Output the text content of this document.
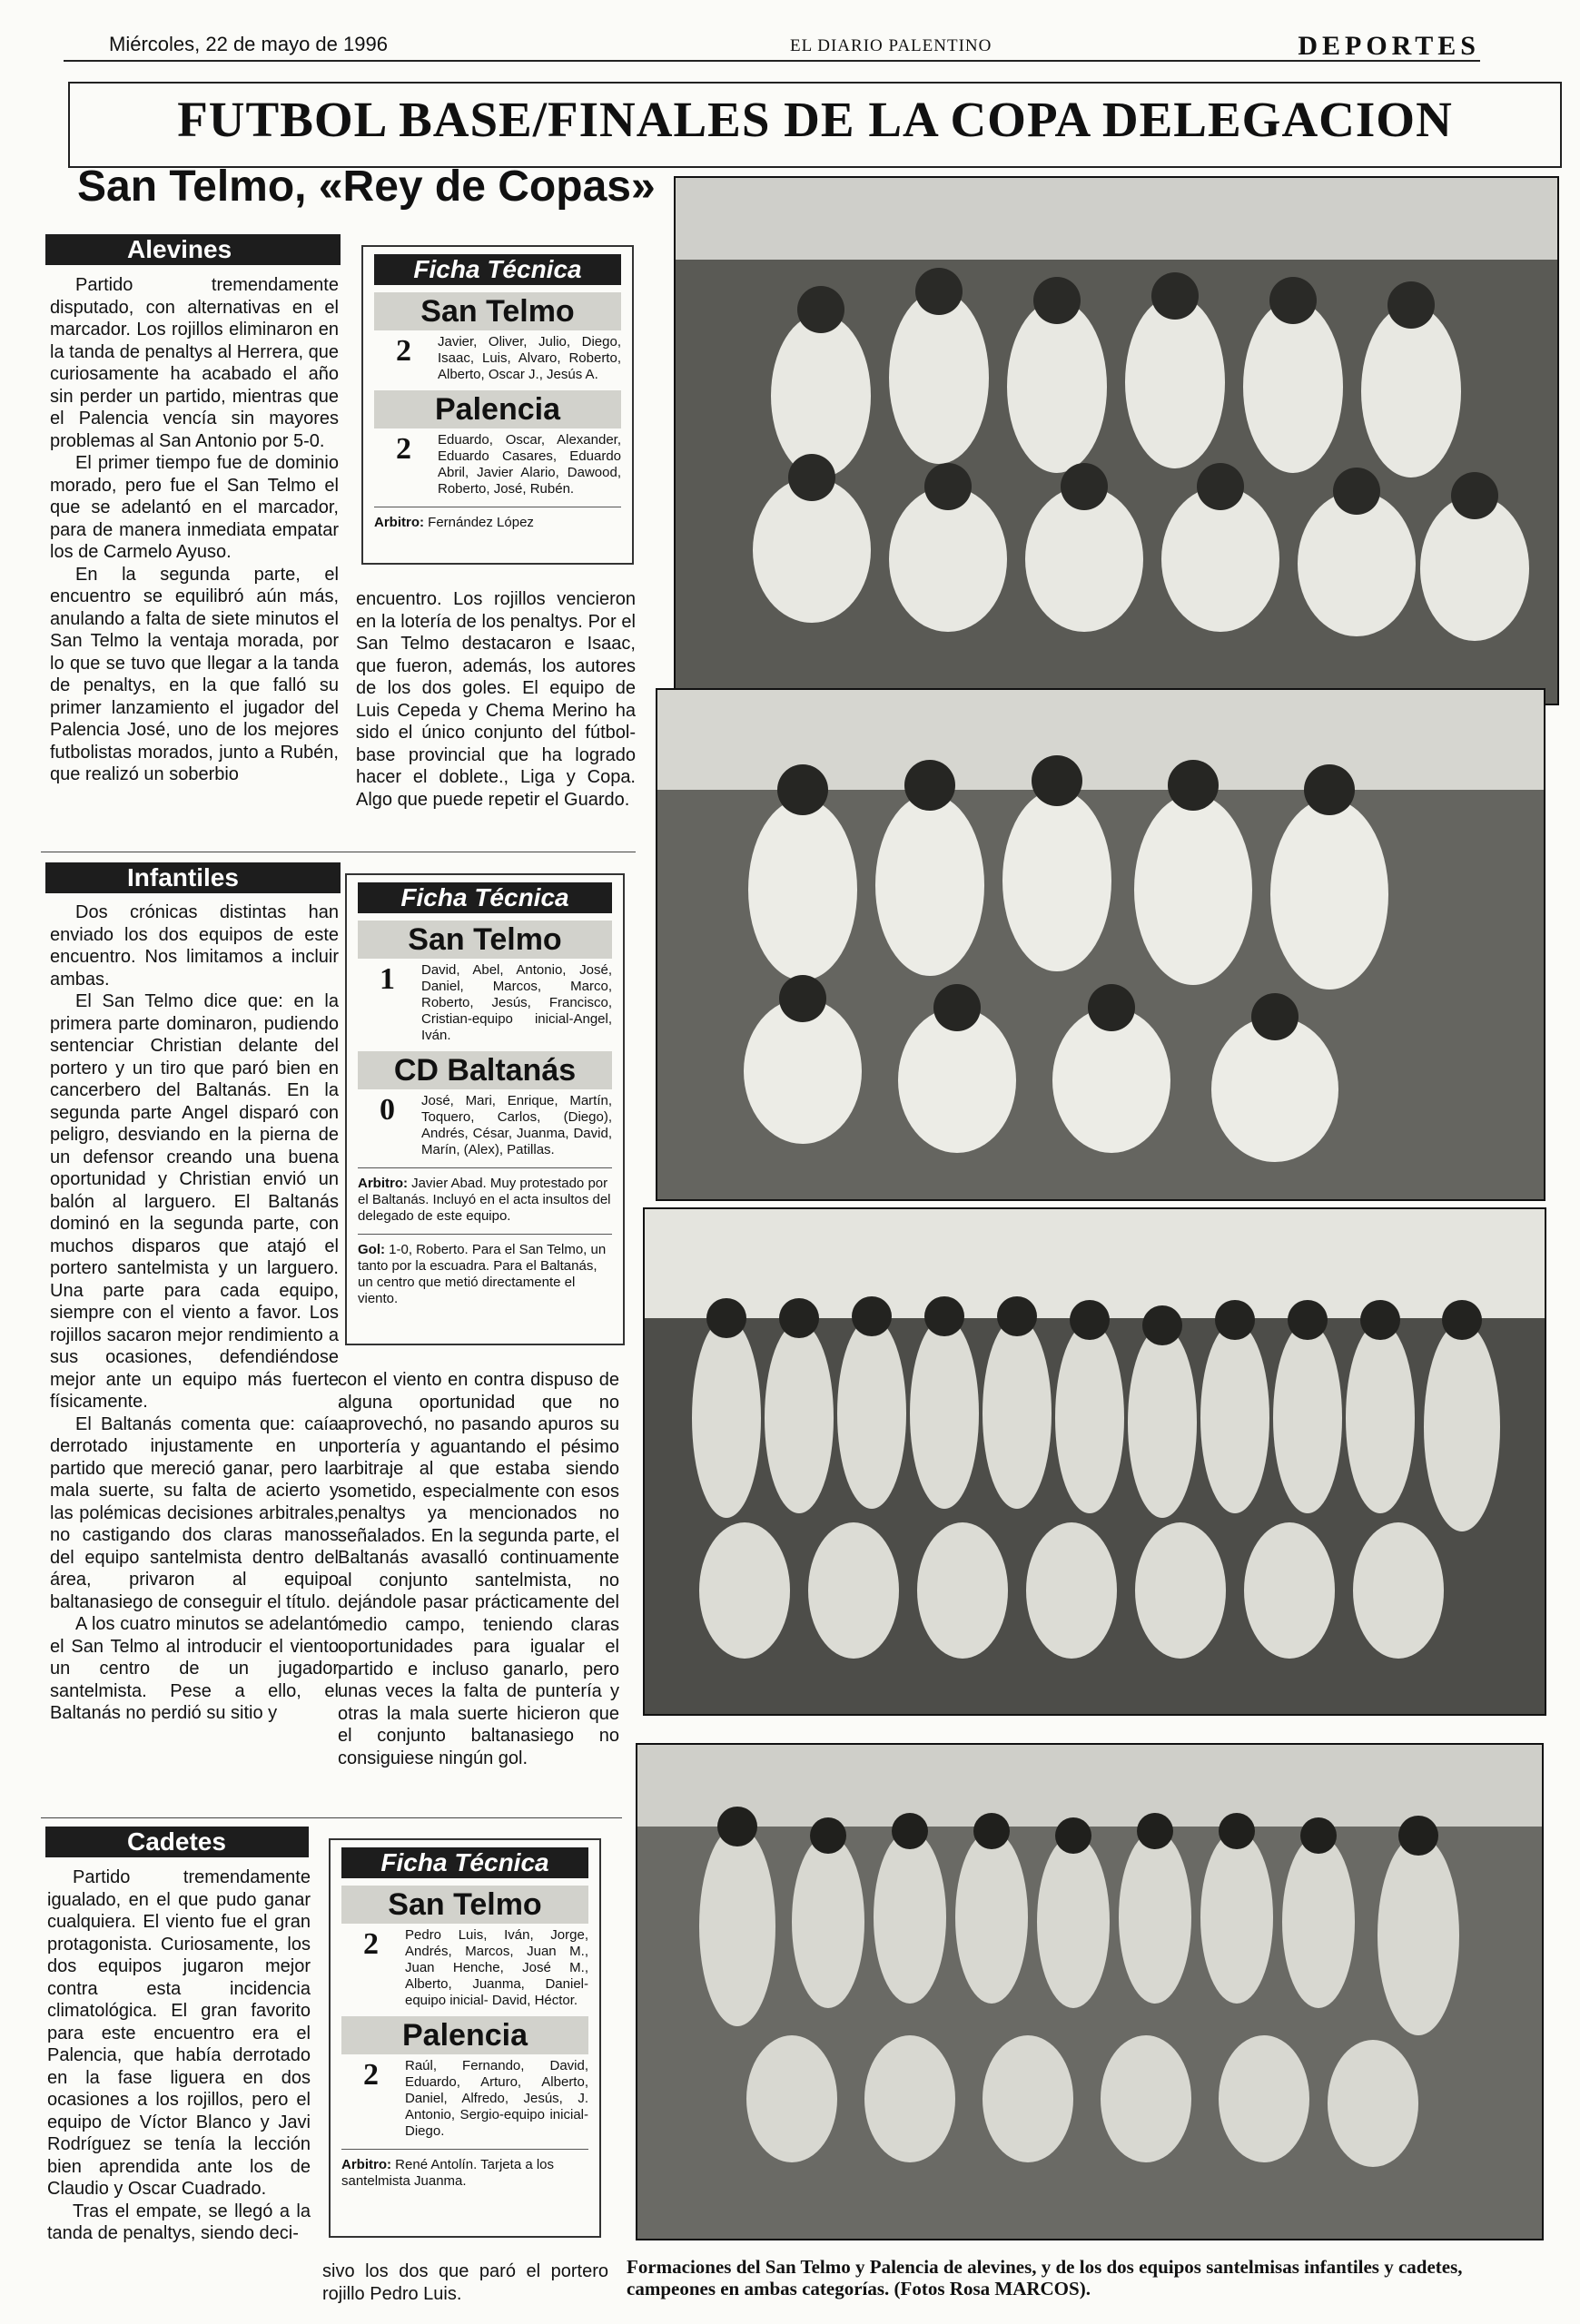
Miércoles, 22 de mayo de 1996	EL DIARIO PALENTINO	DEPORTES
FUTBOL BASE/FINALES DE LA COPA DELEGACION
San Telmo, «Rey de Copas»
Alevines

Partido tremendamente disputado, con alternativas en el marcador. Los rojillos eliminaron en la tanda de penaltys al Herrera, que curiosamente ha acabado el año sin perder un partido, mientras que el Palencia vencía sin mayores problemas al San Antonio por 5-0.

El primer tiempo fue de dominio morado, pero fue el San Telmo el que se adelantó en el marcador, para de manera inmediata empatar los de Carmelo Ayuso.

En la segunda parte, el encuentro se equilibró aún más, anulando a falta de siete minutos el San Telmo la ventaja morada, por lo que se tuvo que llegar a la tanda de penaltys, en la que falló su primer lanzamiento el jugador del Palencia José, uno de los mejores futbolistas morados, junto a Rubén, que realizó un soberbio

Ficha Técnica
San Telmo
2	Javier, Oliver, Julio, Diego, Isaac, Luis, Alvaro, Roberto, Alberto, Oscar J., Jesús A.
Palencia
2	Eduardo, Oscar, Alexander, Eduardo Casares, Eduardo Abril, Javier Alario, Dawood, Roberto, José, Rubén.
Arbitro: Fernández López

encuentro. Los rojillos vencieron en la lotería de los penaltys. Por el San Telmo destacaron e Isaac, que fueron, además, los autores de los dos goles. El equipo de Luis Cepeda y Chema Merino ha sido el único conjunto del fútbol-base provincial que ha logrado hacer el doblete., Liga y Copa. Algo que puede repetir el Guardo.

Infantiles

Dos crónicas distintas han enviado los dos equipos de este encuentro. Nos limitamos a incluir ambas.

El San Telmo dice que: en la primera parte dominaron, pudiendo sentenciar Christian delante del portero y un tiro que paró bien en cancerbero del Baltanás. En la segunda parte Angel disparó con peligro, desviando en la pierna de un defensor creando una buena oportunidad y Christian envió un balón al larguero. El Baltanás dominó en la segunda parte, con muchos disparos que atajó el portero santelmista y un larguero. Una parte para cada equipo, siempre con el viento a favor. Los rojillos sacaron mejor rendimiento a sus ocasiones, defendiéndose mejor ante un equipo más fuerte físicamente.

El Baltanás comenta que: caía derrotado injustamente en un partido que mereció ganar, pero la mala suerte, su falta de acierto y las polémicas decisiones arbitrales, no castigando dos claras manos del equipo santelmista dentro del área, privaron al equipo baltanasiego de conseguir el título.

A los cuatro minutos se adelantó el San Telmo al introducir el viento un centro de un jugador santelmista. Pese a ello, el Baltanás no perdió su sitio y

Ficha Técnica
San Telmo
1	David, Abel, Antonio, José, Daniel, Marcos, Marco, Roberto, Jesús, Francisco, Cristian-equipo inicial-Angel, Iván.
CD Baltanás
0	José, Mari, Enrique, Martín, Toquero, Carlos, (Diego), Andrés, César, Juanma, David, Marín, (Alex), Patillas.
Arbitro: Javier Abad. Muy protestado por el Baltanás. Incluyó en el acta insultos del delegado de este equipo.
Gol: 1-0, Roberto. Para el San Telmo, un tanto por la escuadra. Para el Baltanás, un centro que metió directamente el viento.

con el viento en contra dispuso de alguna oportunidad que no aprovechó, no pasando apuros su portería y aguantando el pésimo arbitraje al que estaba siendo sometido, especialmente con esos penaltys ya mencionados no señalados. En la segunda parte, el Baltanás avasalló continuamente al conjunto santelmista, no dejándole pasar prácticamente del medio campo, teniendo claras oportunidades para igualar el partido e incluso ganarlo, pero unas veces la falta de puntería y otras la mala suerte hicieron que el conjunto baltanasiego no consiguiese ningún gol.

Cadetes

Partido tremendamente igualado, en el que pudo ganar cualquiera. El viento fue el gran protagonista. Curiosamente, los dos equipos jugaron mejor contra esta incidencia climatológica. El gran favorito para este encuentro era el Palencia, que había derrotado en la fase liguera en dos ocasiones a los rojillos, pero el equipo de Víctor Blanco y Javi Rodríguez se tenía la lección bien aprendida ante los de Claudio y Oscar Cuadrado.

Tras el empate, se llegó a la tanda de penaltys, siendo deci-

Ficha Técnica
San Telmo
2	Pedro Luis, Iván, Jorge, Andrés, Marcos, Juan M., Juan Henche, José M., Alberto, Juanma, Daniel-equipo inicial- David, Héctor.
Palencia
2	Raúl, Fernando, David, Eduardo, Arturo, Alberto, Daniel, Alfredo, Jesús, J. Antonio, Sergio-equipo inicial-Diego.
Arbitro: René Antolín. Tarjeta a los santelmista Juanma.

sivo los dos que paró el portero rojillo Pedro Luis.

Formaciones del San Telmo y Palencia de alevines, y de los dos equipos santelmisas infantiles y cadetes, campeones en ambas categorías. (Fotos Rosa MARCOS).
